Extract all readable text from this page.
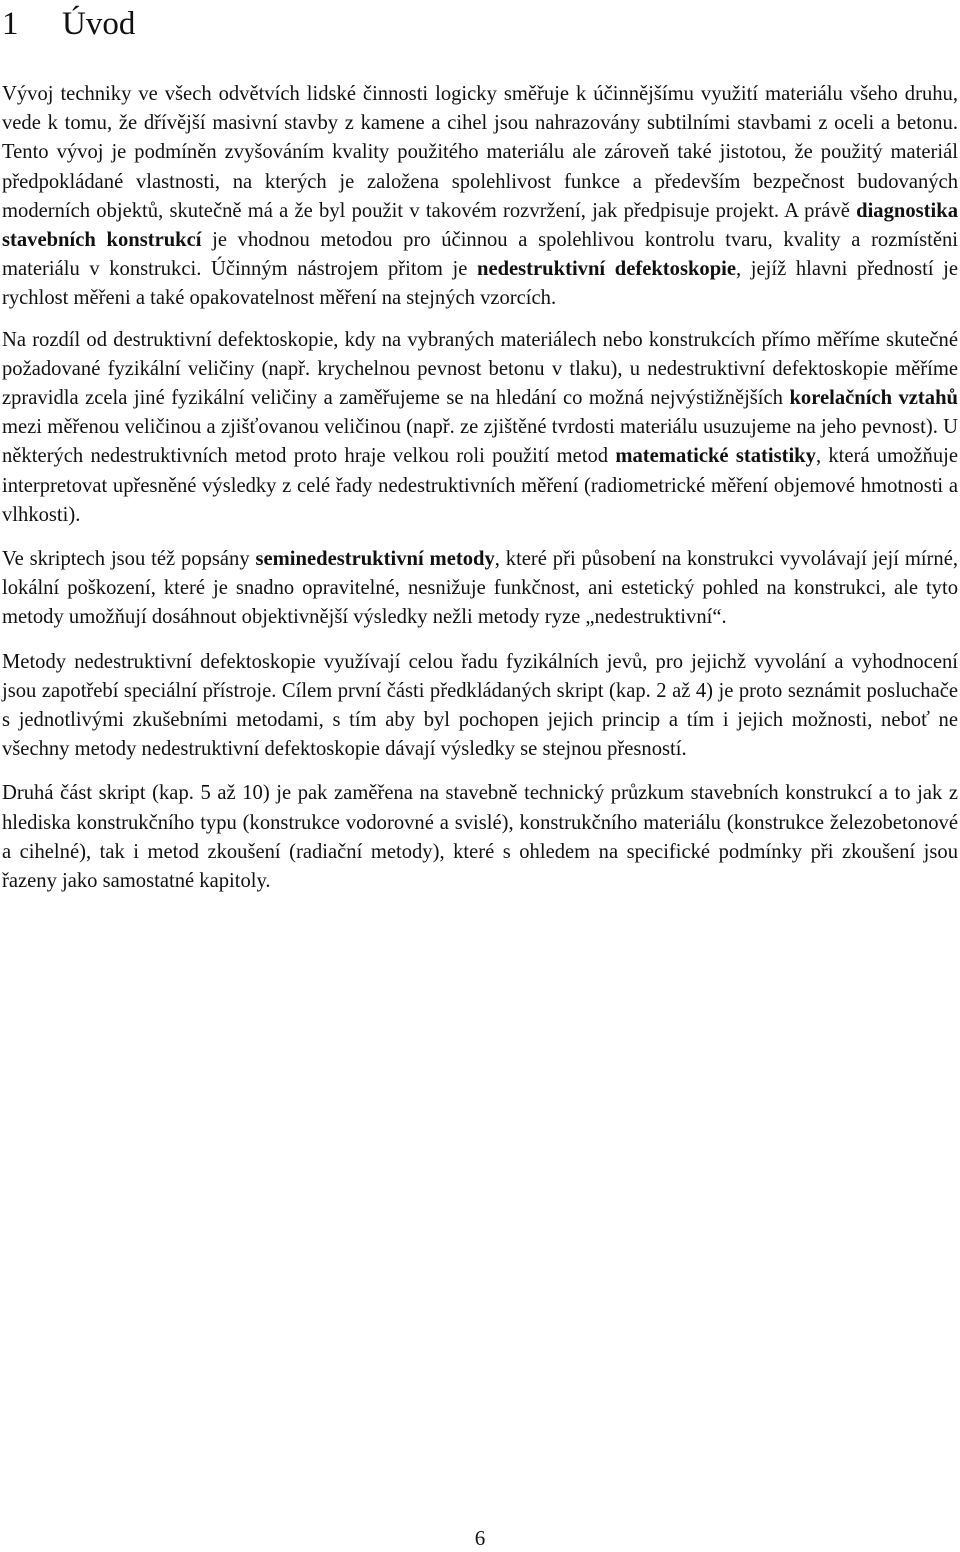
1 Úvod

Vývoj techniky ve všech odvětvích lidské činnosti logicky směřuje k účinnějšímu využití materiálu všeho druhu, vede k tomu, že dřívější masivní stavby z kamene a cihel jsou nahrazovány subtilními stavbami z oceli a betonu. Tento vývoj je podmíněn zvyšováním kvality použitého materiálu ale zároveň také jistotou, že použitý materiál předpokládané vlastnosti, na kterých je založena spolehlivost funkce a především bezpečnost budovaných moderních objektů, skutečně má a že byl použit v takovém rozvržení, jak předpisuje projekt. A právě diagnostika stavebních konstrukcí je vhodnou metodou pro účinnou a spolehlivou kontrolu tvaru, kvality a rozmístěni materiálu v konstrukci. Účinným nástrojem přitom je nedestruktivní defektoskopie, jejíž hlavni předností je rychlost měřeni a také opakovatelnost měření na stejných vzorcích.

Na rozdíl od destruktivní defektoskopie, kdy na vybraných materiálech nebo konstrukcích přímo měříme skutečné požadované fyzikální veličiny (např. krychelnou pevnost betonu v tlaku), u nedestruktivní defektoskopie měříme zpravidla zcela jiné fyzikální veličiny a zaměřujeme se na hledání co možná nejvýstižnějších korelačních vztahů mezi měřenou veličinou a zjišťovanou veličinou (např. ze zjištěné tvrdosti materiálu usuzujeme na jeho pevnost). U některých nedestruktivních metod proto hraje velkou roli použití metod matematické statistiky, která umožňuje interpretovat upřesněné výsledky z celé řady nedestruktivních měření (radiometrické měření objemové hmotnosti a vlhkosti).

Ve skriptech jsou též popsány seminedestruktivní metody, které při působení na konstrukci vyvolávají její mírné, lokální poškození, které je snadno opravitelné, nesnižuje funkčnost, ani estetický pohled na konstrukci, ale tyto metody umožňují dosáhnout objektivnější výsledky nežli metody ryze „nedestruktivní“.

Metody nedestruktivní defektoskopie využívají celou řadu fyzikálních jevů, pro jejichž vyvolání a vyhodnocení jsou zapotřebí speciální přístroje. Cílem první části předkládaných skript (kap. 2 až 4) je proto seznámit posluchače s jednotlivými zkušebními metodami, s tím aby byl pochopen jejich princip a tím i jejich možnosti, neboť ne všechny metody nedestruktivní defektoskopie dávají výsledky se stejnou přesností.

Druhá část skript (kap. 5 až 10) je pak zaměřena na stavebně technický průzkum stavebních konstrukcí a to jak z hlediska konstrukčního typu (konstrukce vodorovné a svislé), konstrukčního materiálu (konstrukce železobetonové a cihelné), tak i metod zkoušení (radiační metody), které s ohledem na specifické podmínky při zkoušení jsou řazeny jako samostatné kapitoly.

6
